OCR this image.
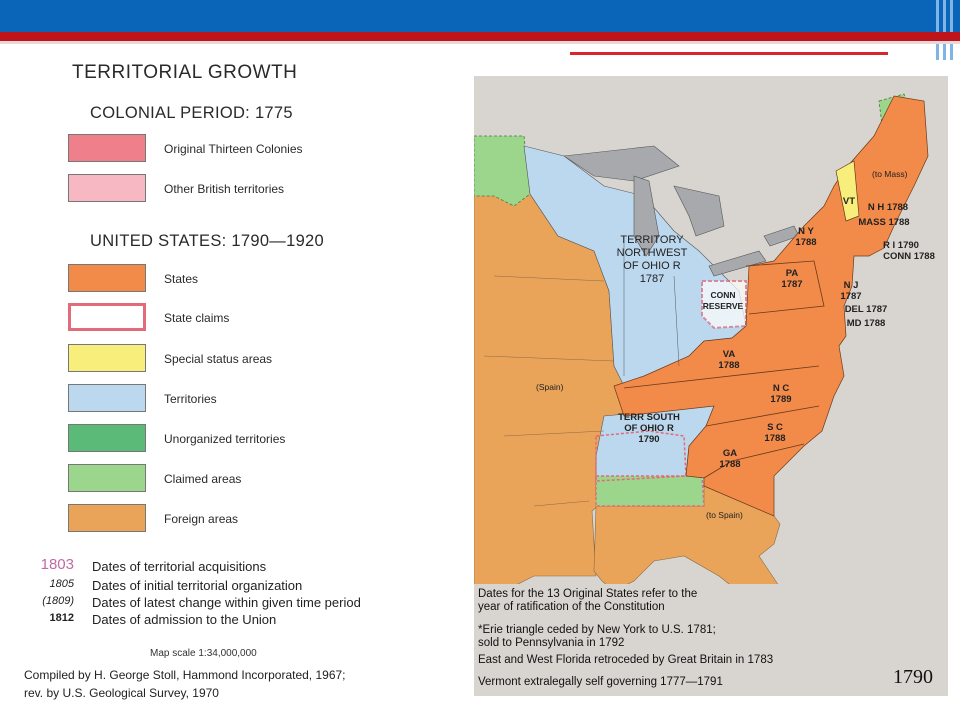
TERRITORIAL GROWTH
COLONIAL PERIOD: 1775
Original Thirteen Colonies
Other British territories
UNITED STATES: 1790—1920
States
State claims
Special status areas
Territories
Unorganized territories
Claimed areas
Foreign areas
1803 Dates of territorial acquisitions
1805 Dates of initial territorial organization
(1809) Dates of latest change within given time period
1812 Dates of admission to the Union
Map scale 1:34,000,000
Compiled by H. George Stoll, Hammond Incorporated, 1967;
rev. by U.S. Geological Survey, 1970
TERRITORY
NORTHWEST
OF OHIO R
1787
CONN
RESERVE
TERR SOUTH
OF OHIO R
1790
(Spain)
(to Spain)
(to Mass)
VT
N Y
1788
PA
1787
N H 1788
MASS 1788
R I 1790
CONN 1788
N J
1787
DEL 1787
MD 1788
VA
1788
N C
1789
S C
1788
GA
1788
Dates for the 13 Original States refer to the
year of ratification of the Constitution
*Erie triangle ceded by New York to U.S. 1781;
sold to Pennsylvania in 1792
East and West Florida retroceded by Great Britain in 1783
Vermont extralegally self governing 1777—1791	1790
